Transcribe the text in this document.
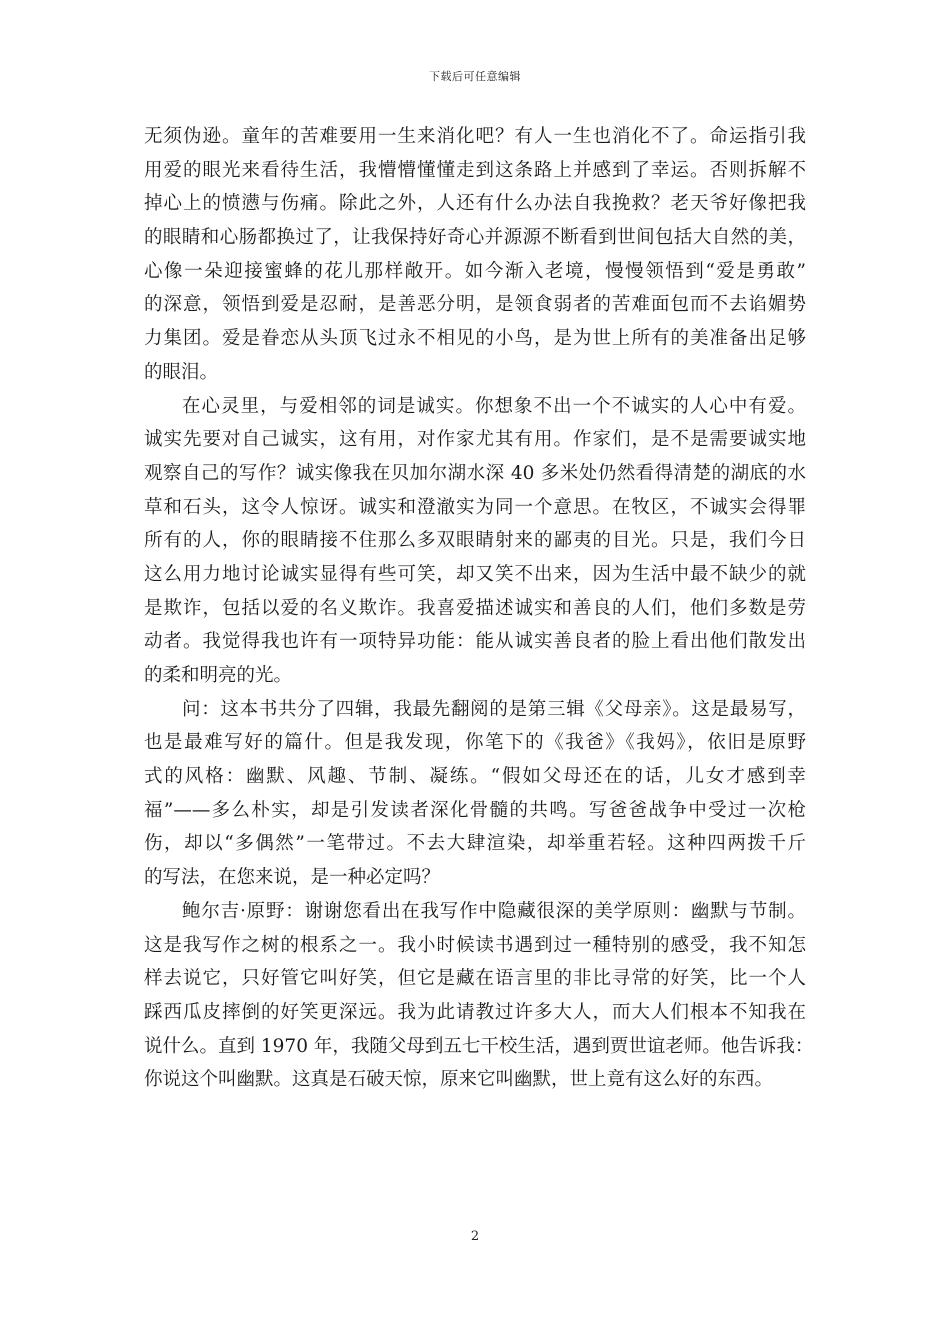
下载后可任意编辑
无须伪逊。童年的苦难要用一生来消化吧？有人一生也消化不了。命运指引我
用爱的眼光来看待生活，我懵懵懂懂走到这条路上并感到了幸运。否则拆解不
掉心上的愤懑与伤痛。除此之外，人还有什么办法自我挽救？老天爷好像把我
的眼睛和心肠都换过了，让我保持好奇心并源源不断看到世间包括大自然的美，
心像一朵迎接蜜蜂的花儿那样敞开。如今渐入老境，慢慢领悟到“爱是勇敢”
的深意，领悟到爱是忍耐，是善恶分明，是领食弱者的苦难面包而不去谄媚势
力集团。爱是眷恋从头顶飞过永不相见的小鸟，是为世上所有的美准备出足够
的眼泪。
在心灵里，与爱相邻的词是诚实。你想象不出一个不诚实的人心中有爱。
诚实先要对自己诚实，这有用，对作家尤其有用。作家们，是不是需要诚实地
观察自己的写作？诚实像我在贝加尔湖水深 40 多米处仍然看得清楚的湖底的水
草和石头，这令人惊讶。诚实和澄澈实为同一个意思。在牧区，不诚实会得罪
所有的人，你的眼睛接不住那么多双眼睛射来的鄙夷的目光。只是，我们今日
这么用力地讨论诚实显得有些可笑，却又笑不出来，因为生活中最不缺少的就
是欺诈，包括以爱的名义欺诈。我喜爱描述诚实和善良的人们，他们多数是劳
动者。我觉得我也许有一项特异功能：能从诚实善良者的脸上看出他们散发出
的柔和明亮的光。
问：这本书共分了四辑，我最先翻阅的是第三辑《父母亲》。这是最易写，
也是最难写好的篇什。但是我发现，你笔下的《我爸》《我妈》，依旧是原野
式的风格：幽默、风趣、节制、凝练。“假如父母还在的话，儿女才感到幸
福”——多么朴实，却是引发读者深化骨髓的共鸣。写爸爸战争中受过一次枪
伤，却以“多偶然”一笔带过。不去大肆渲染，却举重若轻。这种四两拨千斤
的写法，在您来说，是一种必定吗？
鲍尔吉·原野：谢谢您看出在我写作中隐藏很深的美学原则：幽默与节制。
这是我写作之树的根系之一。我小时候读书遇到过一種特别的感受，我不知怎
样去说它，只好管它叫好笑，但它是藏在语言里的非比寻常的好笑，比一个人
踩西瓜皮摔倒的好笑更深远。我为此请教过许多大人，而大人们根本不知我在
说什么。直到 1970 年，我随父母到五七干校生活，遇到贾世谊老师。他告诉我：
你说这个叫幽默。这真是石破天惊，原来它叫幽默，世上竟有这么好的东西。
2
